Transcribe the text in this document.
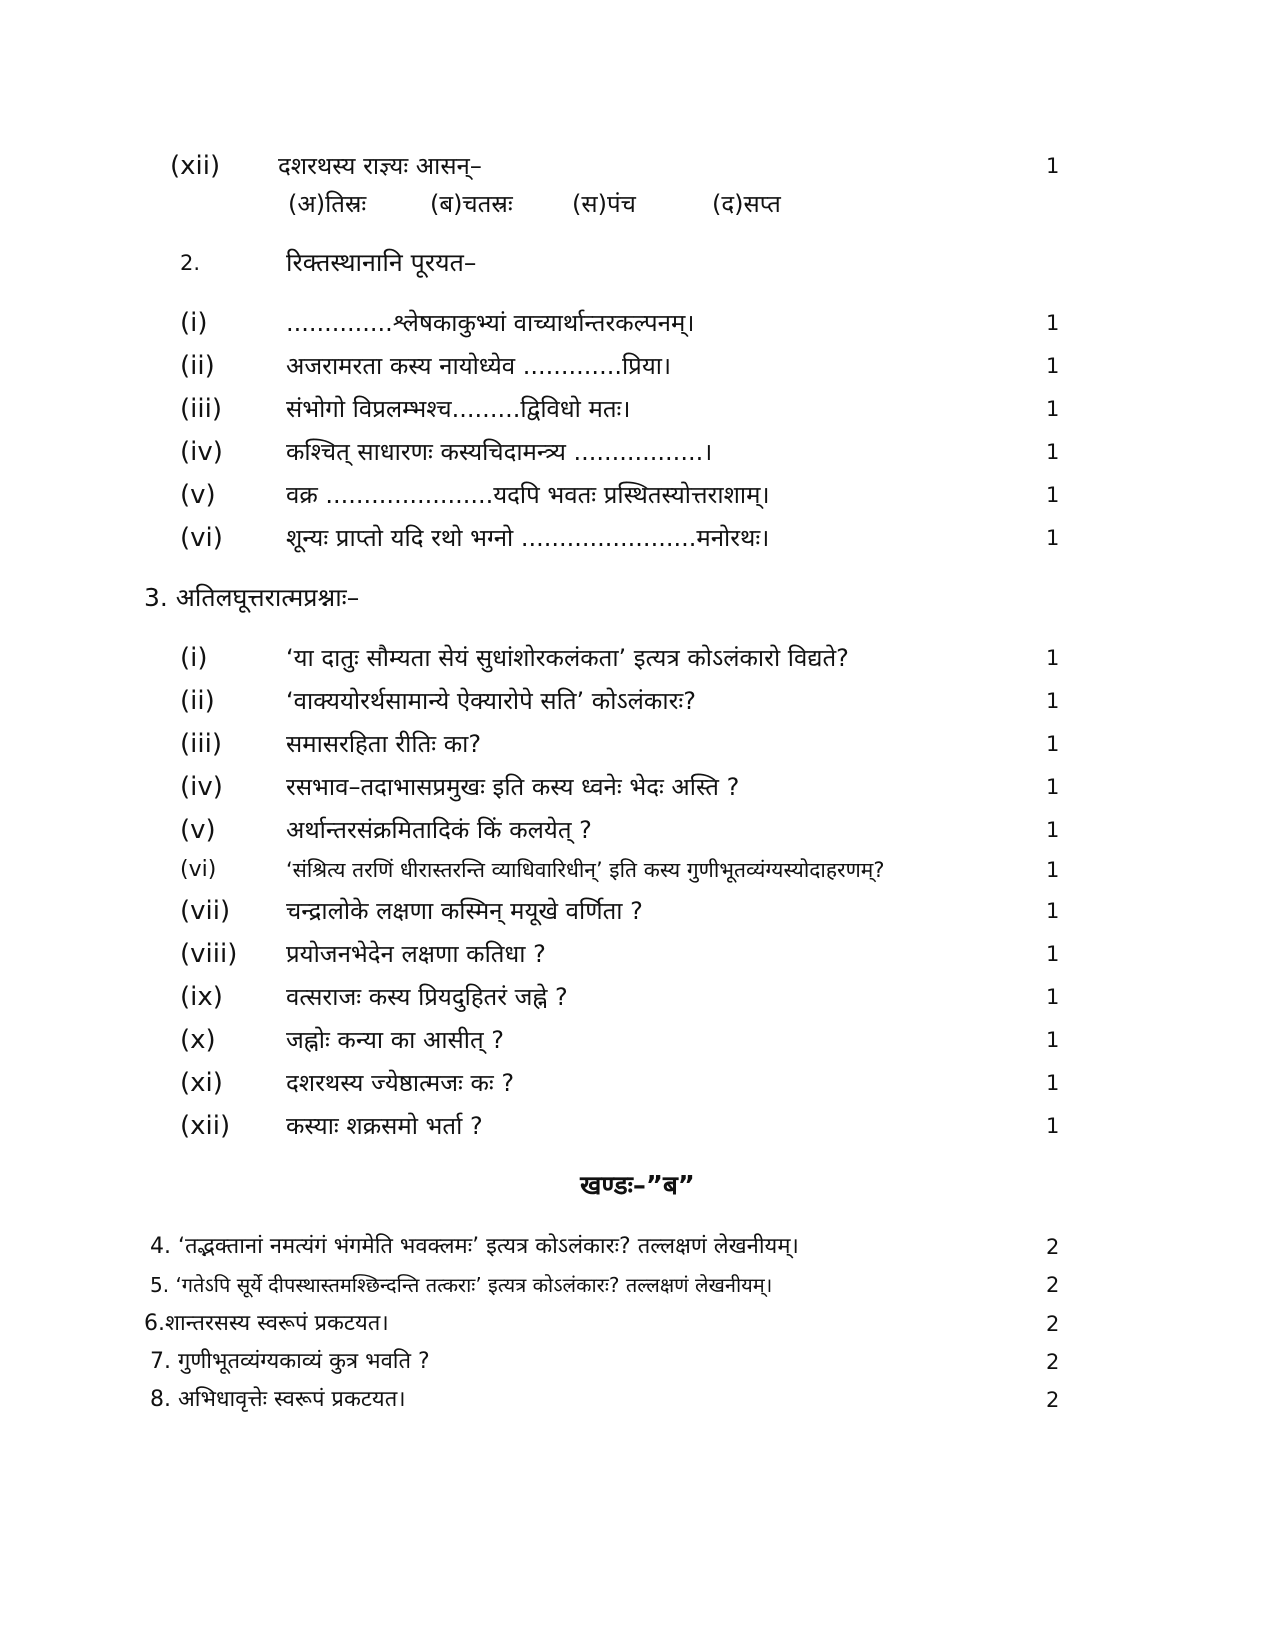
(xii) दशरथस्य राज्ञ्यः आसन्–	1
(अ)तिस्रः	(ब)चतस्रः (स)पंच	(द)सप्त
2.	रिक्तस्थानानि पूरयत–
(i)	..............श्लेषकाकुभ्यां वाच्यार्थान्तरकल्पनम्।	1
(ii)	अजरामरता कस्य नायोध्येव .............प्रिया।	1
(iii)	संभोगो विप्रलम्भश्च.........द्विविधो मतः।	1
(iv)	कश्चित् साधारणः कस्यचिदामन्त्र्य .................।	1
(v)	वक्र ......................यदपि भवतः प्रस्थितस्योत्तराशाम्।	1
(vi)	शून्यः प्राप्तो यदि रथो भग्नो .......................मनोरथः।	1
3. अतिलघूत्तरात्मप्रश्नाः–
(i)	‘या दातुः सौम्यता सेयं सुधांशोरकलंकता’ इत्यत्र कोऽलंकारो विद्यते?	1
(ii)	‘वाक्ययोरर्थसामान्ये ऐक्यारोपे सति’ कोऽलंकारः?	1
(iii)	समासरहिता रीतिः का?	1
(iv)	रसभाव–तदाभासप्रमुखः इति कस्य ध्वनेः भेदः अस्ति ?	1
(v)	अर्थान्तरसंक्रमितादिकं किं कलयेत् ?	1
(vi)	‘संश्रित्य तरणिं धीरास्तरन्ति व्याधिवारिधीन्’ इति कस्य गुणीभूतव्यंग्यस्योदाहरणम्?	1
(vii) चन्द्रालोके लक्षणा कस्मिन् मयूखे वर्णिता ?	1
(viii) प्रयोजनभेदेन लक्षणा कतिधा ?	1
(ix)	वत्सराजः कस्य प्रियदुहितरं जह्ने ?	1
(x)	जह्नोः कन्या का आसीत् ?	1
(xi)	दशरथस्य ज्येष्ठात्मजः कः ?	1
(xii) कस्याः शक्रसमो भर्ता ?	1
खण्डः–”ब”
4. ‘तद्भक्तानां नमत्यंगं भंगमेति भवक्लमः’ इत्यत्र कोऽलंकारः? तल्लक्षणं लेखनीयम्।	2
5. ‘गतेऽपि सूर्ये दीपस्थास्तमश्छिन्दन्ति तत्कराः’ इत्यत्र कोऽलंकारः? तल्लक्षणं लेखनीयम्।	2
6.शान्तरसस्य स्वरूपं प्रकटयत।	2
7. गुणीभूतव्यंग्यकाव्यं कुत्र भवति ?	2
8. अभिधावृत्तेः स्वरूपं प्रकटयत।	2
